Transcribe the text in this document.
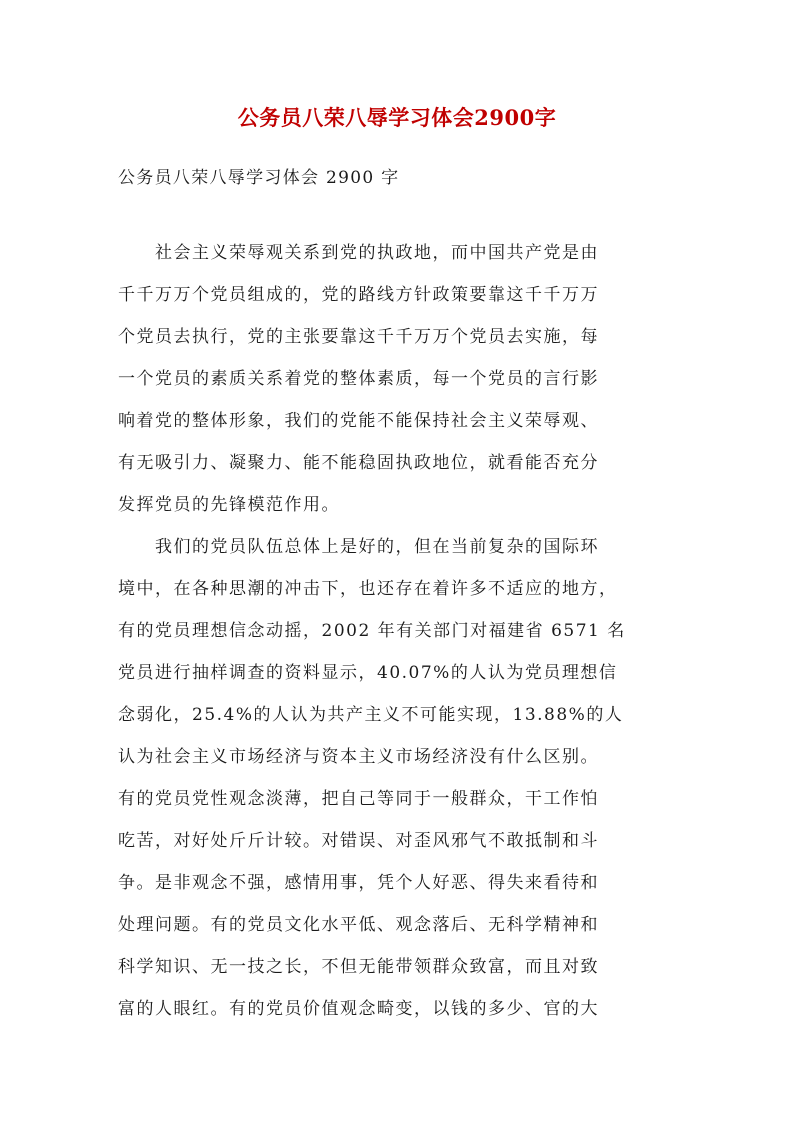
公务员八荣八辱学习体会2900字
公务员八荣八辱学习体会 2900 字
　　社会主义荣辱观关系到党的执政地，而中国共产党是由
千千万万个党员组成的，党的路线方针政策要靠这千千万万
个党员去执行，党的主张要靠这千千万万个党员去实施，每
一个党员的素质关系着党的整体素质，每一个党员的言行影
响着党的整体形象，我们的党能不能保持社会主义荣辱观、
有无吸引力、凝聚力、能不能稳固执政地位，就看能否充分
发挥党员的先锋模范作用。
　　我们的党员队伍总体上是好的，但在当前复杂的国际环
境中，在各种思潮的冲击下，也还存在着许多不适应的地方，
有的党员理想信念动摇，2002 年有关部门对福建省 6571 名
党员进行抽样调查的资料显示，40.07%的人认为党员理想信
念弱化，25.4%的人认为共产主义不可能实现，13.88%的人
认为社会主义市场经济与资本主义市场经济没有什么区别。
有的党员党性观念淡薄，把自己等同于一般群众，干工作怕
吃苦，对好处斤斤计较。对错误、对歪风邪气不敢抵制和斗
争。是非观念不强，感情用事，凭个人好恶、得失来看待和
处理问题。有的党员文化水平低、观念落后、无科学精神和
科学知识、无一技之长，不但无能带领群众致富，而且对致
富的人眼红。有的党员价值观念畸变，以钱的多少、官的大
